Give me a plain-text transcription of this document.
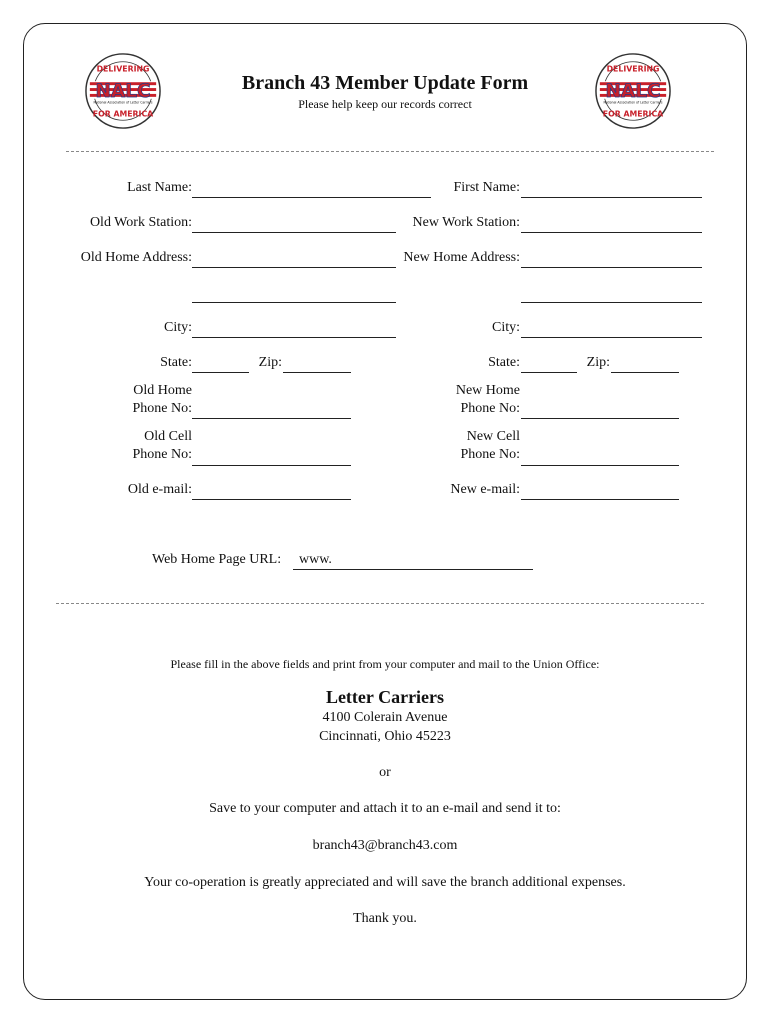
NALC
DELIVERING
FOR AMERICA
National Association of Letter Carriers
NALC
DELIVERING
FOR AMERICA
National Association of Letter Carriers
Branch 43 Member Update Form
Please help keep our records correct
Last Name:	First Name:
Old Work Station:	New Work Station:
Old Home Address:	New Home Address:
City:	City:
State:	Zip:	State:	Zip:
Old Home
Phone No:
New Home
Phone No:
Old Cell
Phone No:
New Cell
Phone No:
Old e-mail:	New e-mail:
Web Home Page URL: www.
Please fill in the above fields and print from your computer and mail to the Union Office:
Letter Carriers
4100 Colerain Avenue
Cincinnati, Ohio 45223
or
Save to your computer and attach it to an e-mail and send it to:
branch43@branch43.com
Your co-operation is greatly appreciated and will save the branch additional expenses.
Thank you.
